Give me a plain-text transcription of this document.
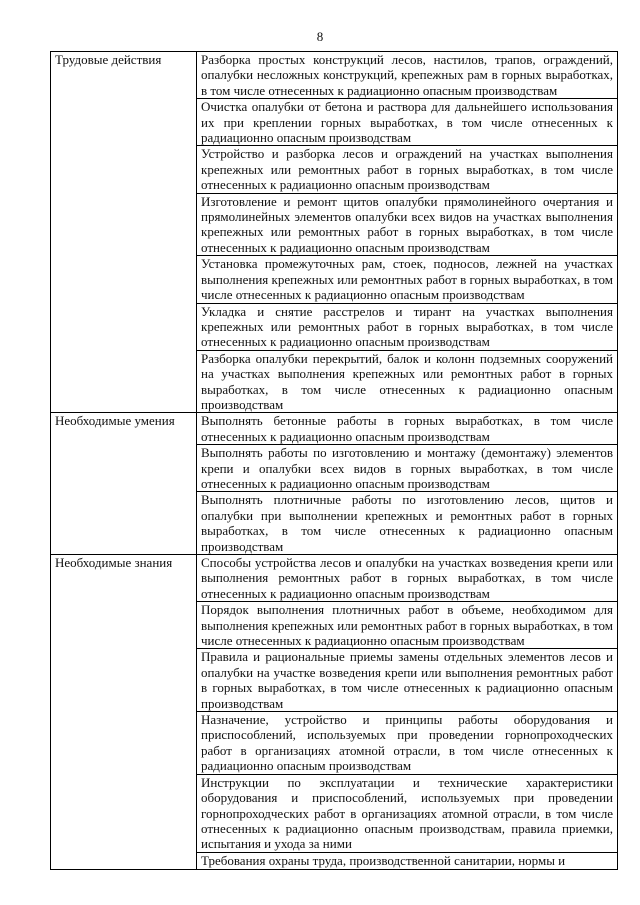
8
Трудовые действия	Разборка простых конструкций лесов, настилов, трапов, ограждений, опалубки несложных конструкций, крепежных рам в горных выработках, в том числе отнесенных к радиационно опасным производствам
	Очистка опалубки от бетона и раствора для дальнейшего использования их при креплении горных выработках, в том числе отнесенных к радиационно опасным производствам
	Устройство и разборка лесов и ограждений на участках выполнения крепежных или ремонтных работ в горных выработках, в том числе отнесенных к радиационно опасным производствам
	Изготовление и ремонт щитов опалубки прямолинейного очертания и прямолинейных элементов опалубки всех видов на участках выполнения крепежных или ремонтных работ в горных выработках, в том числе отнесенных к радиационно опасным производствам
	Установка промежуточных рам, стоек, подносов, лежней на участках выполнения крепежных или ремонтных работ в горных выработках, в том числе отнесенных к радиационно опасным производствам
	Укладка и снятие расстрелов и тирант на участках выполнения крепежных или ремонтных работ в горных выработках, в том числе отнесенных к радиационно опасным производствам
	Разборка опалубки перекрытий, балок и колонн подземных сооружений на участках выполнения крепежных или ремонтных работ в горных выработках, в том числе отнесенных к радиационно опасным производствам
Необходимые умения	Выполнять бетонные работы в горных выработках, в том числе отнесенных к радиационно опасным производствам
	Выполнять работы по изготовлению и монтажу (демонтажу) элементов крепи и опалубки всех видов в горных выработках, в том числе отнесенных к радиационно опасным производствам
	Выполнять плотничные работы по изготовлению лесов, щитов и опалубки при выполнении крепежных и ремонтных работ в горных выработках, в том числе отнесенных к радиационно опасным производствам
Необходимые знания	Способы устройства лесов и опалубки на участках возведения крепи или выполнения ремонтных работ в горных выработках, в том числе отнесенных к радиационно опасным производствам
	Порядок выполнения плотничных работ в объеме, необходимом для выполнения крепежных или ремонтных работ в горных выработках, в том числе отнесенных к радиационно опасным производствам
	Правила и рациональные приемы замены отдельных элементов лесов и опалубки на участке возведения крепи или выполнения ремонтных работ в горных выработках, в том числе отнесенных к радиационно опасным производствам
	Назначение, устройство и принципы работы оборудования и приспособлений, используемых при проведении горнопроходческих работ в организациях атомной отрасли, в том числе отнесенных к радиационно опасным производствам
	Инструкции по эксплуатации и технические характеристики оборудования и приспособлений, используемых при проведении горнопроходческих работ в организациях атомной отрасли, в том числе отнесенных к радиационно опасным производствам, правила приемки, испытания и ухода за ними
	Требования охраны труда, производственной санитарии, нормы и
